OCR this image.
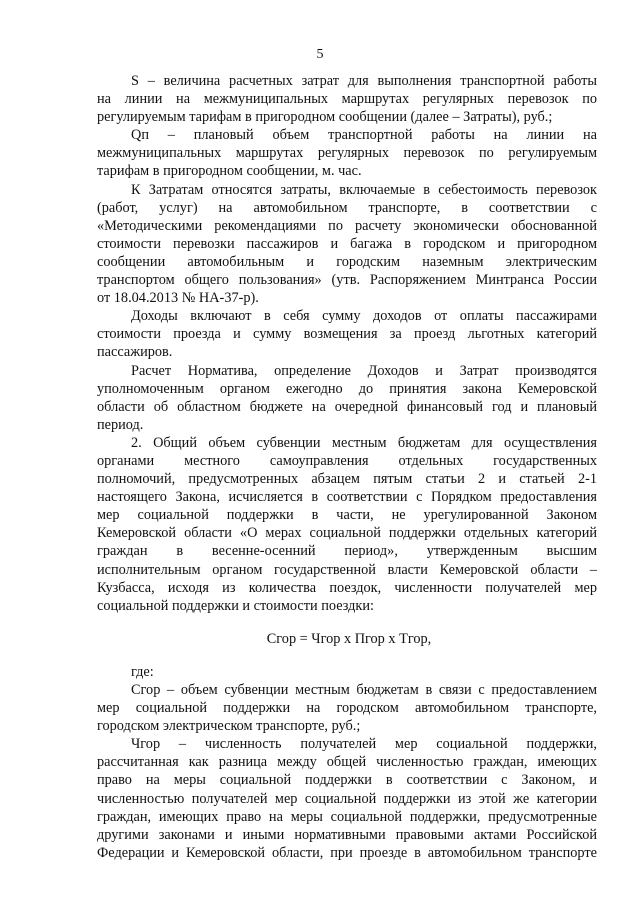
5

S – величина расчетных затрат для выполнения транспортной работы
на линии на межмуниципальных маршрутах регулярных перевозок по
регулируемым тарифам в пригородном сообщении (далее – Затраты), руб.;

Qп – плановый объем транспортной работы на линии на
межмуниципальных маршрутах регулярных перевозок по регулируемым
тарифам в пригородном сообщении, м. час.

К Затратам относятся затраты, включаемые в себестоимость перевозок
(работ, услуг) на автомобильном транспорте, в соответствии с
«Методическими рекомендациями по расчету экономически обоснованной
стоимости перевозки пассажиров и багажа в городском и пригородном
сообщении автомобильным и городским наземным электрическим
транспортом общего пользования» (утв. Распоряжением Минтранса России
от 18.04.2013 № НА-37-р).

Доходы включают в себя сумму доходов от оплаты пассажирами
стоимости проезда и сумму возмещения за проезд льготных категорий
пассажиров.

Расчет Норматива, определение Доходов и Затрат производятся
уполномоченным органом ежегодно до принятия закона Кемеровской
области об областном бюджете на очередной финансовый год и плановый
период.

2. Общий объем субвенции местным бюджетам для осуществления
органами местного самоуправления отдельных государственных
полномочий, предусмотренных абзацем пятым статьи 2 и статьей 2-1
настоящего Закона, исчисляется в соответствии с Порядком предоставления
мер социальной поддержки в части, не урегулированной Законом
Кемеровской области «О мерах социальной поддержки отдельных категорий
граждан в весенне-осенний период», утвержденным высшим
исполнительным органом государственной власти Кемеровской области –
Кузбасса, исходя из количества поездок, численности получателей мер
социальной поддержки и стоимости поездки:

Сгор = Чгор х Пгор х Тгор,

где:

Сгор – объем субвенции местным бюджетам в связи с предоставлением
мер социальной поддержки на городском автомобильном транспорте,
городском электрическом транспорте, руб.;

Чгор – численность получателей мер социальной поддержки,
рассчитанная как разница между общей численностью граждан, имеющих
право на меры социальной поддержки в соответствии с Законом, и
численностью получателей мер социальной поддержки из этой же категории
граждан, имеющих право на меры социальной поддержки, предусмотренные
другими законами и иными нормативными правовыми актами Российской
Федерации и Кемеровской области, при проезде в автомобильном транспорте
